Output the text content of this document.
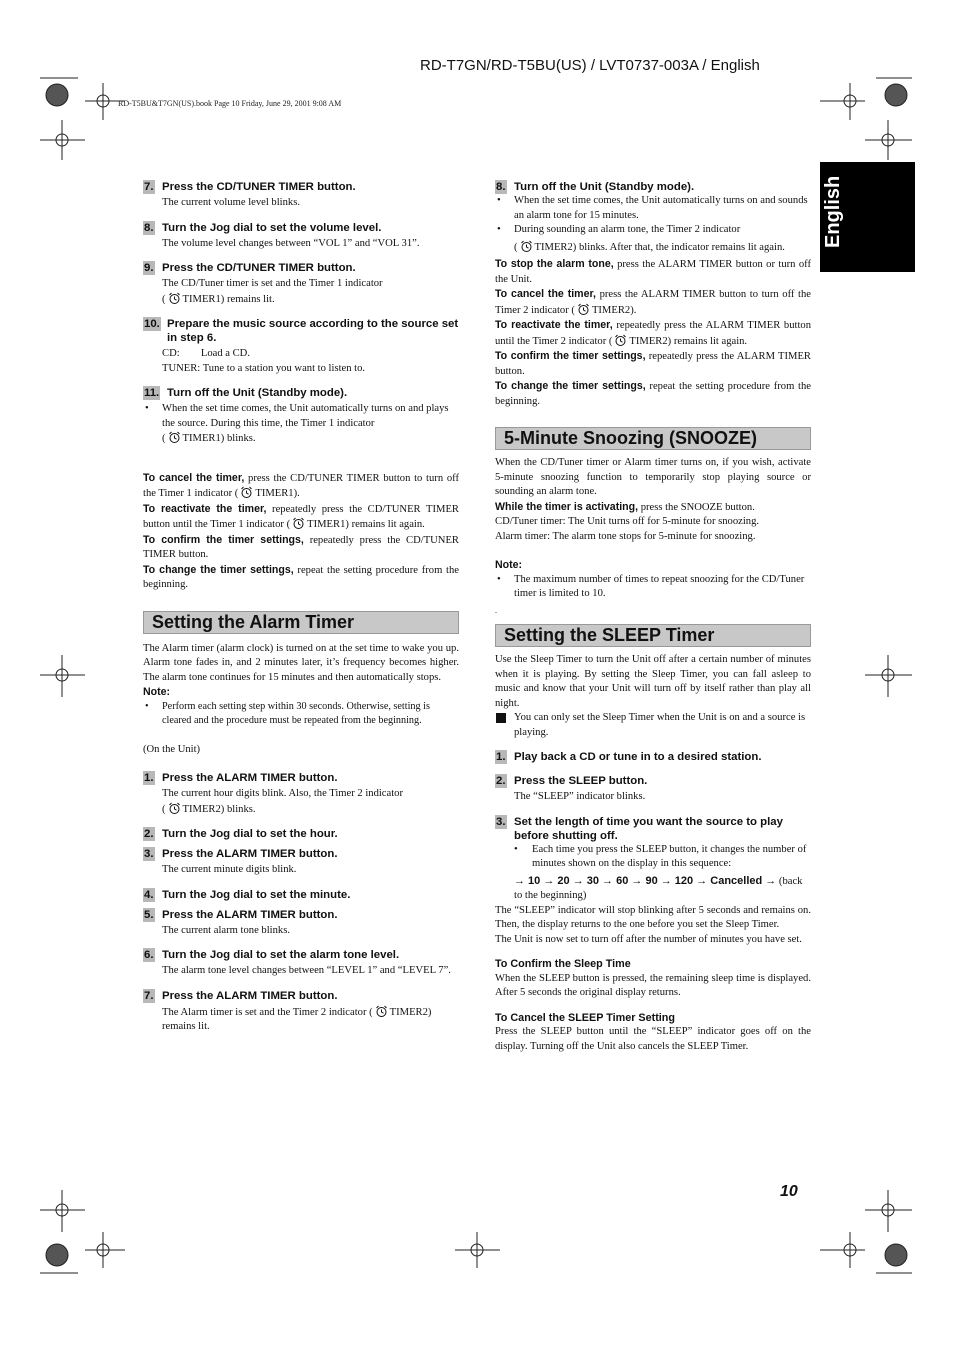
RD-T7GN/RD-T5BU(US) / LVT0737-003A / English
RD-T5BU&T7GN(US).book Page 10 Friday, June 29, 2001 9:08 AM
English
10
7. Press the CD/TUNER TIMER button.
The current volume level blinks.
8. Turn the Jog dial to set the volume level.
The volume level changes between “VOL 1” and “VOL 31”.
9. Press the CD/TUNER TIMER button.
The CD/Tuner timer is set and the Timer 1 indicator
( TIMER1) remains lit.
10. Prepare the music source according to the source set in step 6.
CD:        Load a CD.
TUNER: Tune to a station you want to listen to.
11. Turn off the Unit (Standby mode).
• When the set time comes, the Unit automatically turns on and plays the source. During this time, the Timer 1 indicator
( TIMER1) blinks.
To cancel the timer, press the CD/TUNER TIMER button to turn off the Timer 1 indicator ( TIMER1).
To reactivate the timer, repeatedly press the CD/TUNER TIMER button until the Timer 1 indicator ( TIMER1) remains lit again.
To confirm the timer settings, repeatedly press the CD/TUNER TIMER button.
To change the timer settings, repeat the setting procedure from the beginning.
Setting the Alarm Timer
The Alarm timer (alarm clock) is turned on at the set time to wake you up. Alarm tone fades in, and 2 minutes later, it’s frequency becomes higher. The alarm tone continues for 15 minutes and then automatically stops.
Note:
• Perform each setting step within 30 seconds. Otherwise, setting is cleared and the procedure must be repeated from the beginning.
(On the Unit)
1. Press the ALARM TIMER button.
The current hour digits blink. Also, the Timer 2 indicator
( TIMER2) blinks.
2. Turn the Jog dial to set the hour.
3. Press the ALARM TIMER button.
The current minute digits blink.
4. Turn the Jog dial to set the minute.
5. Press the ALARM TIMER button.
The current alarm tone blinks.
6. Turn the Jog dial to set the alarm tone level.
The alarm tone level changes between “LEVEL 1” and “LEVEL 7”.
7. Press the ALARM TIMER button.
The Alarm timer is set and the Timer 2 indicator ( TIMER2) remains lit.
8. Turn off the Unit (Standby mode).
• When the set time comes, the Unit automatically turns on and sounds an alarm tone for 15 minutes.
• During sounding an alarm tone, the Timer 2 indicator
( TIMER2) blinks. After that, the indicator remains lit again.
To stop the alarm tone, press the ALARM TIMER button or turn off the Unit.
To cancel the timer, press the ALARM TIMER button to turn off the Timer 2 indicator ( TIMER2).
To reactivate the timer, repeatedly press the ALARM TIMER button until the Timer 2 indicator ( TIMER2) remains lit again.
To confirm the timer settings, repeatedly press the ALARM TIMER button.
To change the timer settings, repeat the setting procedure from the beginning.
5-Minute Snoozing (SNOOZE)
When the CD/Tuner timer or Alarm timer turns on, if you wish, activate 5-minute snoozing function to temporarily stop playing source or sounding an alarm tone.
While the timer is activating, press the SNOOZE button.
CD/Tuner timer: The Unit turns off for 5-minute for snoozing.
Alarm timer: The alarm tone stops for 5-minute for snoozing.
Note:
• The maximum number of times to repeat snoozing for the CD/Tuner timer is limited to 10.
.
Setting the SLEEP Timer
Use the Sleep Timer to turn the Unit off after a certain number of minutes when it is playing. By setting the Sleep Timer, you can fall asleep to music and know that your Unit will turn off by itself rather than play all night.
You can only set the Sleep Timer when the Unit is on and a source is playing.
1. Play back a CD or tune in to a desired station.
2. Press the SLEEP button.
The “SLEEP” indicator blinks.
3. Set the length of time you want the source to play before shutting off.
• Each time you press the SLEEP button, it changes the number of minutes shown on the display in this sequence:
→ 10 → 20 → 30 → 60 → 90 → 120 → Cancelled → (back to the beginning)
The “SLEEP” indicator will stop blinking after 5 seconds and remains on. Then, the display returns to the one before you set the Sleep Timer.
The Unit is now set to turn off after the number of minutes you have set.
To Confirm the Sleep Time
When the SLEEP button is pressed, the remaining sleep time is displayed. After 5 seconds the original display returns.
To Cancel the SLEEP Timer Setting
Press the SLEEP button until the “SLEEP” indicator goes off on the display. Turning off the Unit also cancels the SLEEP Timer.
